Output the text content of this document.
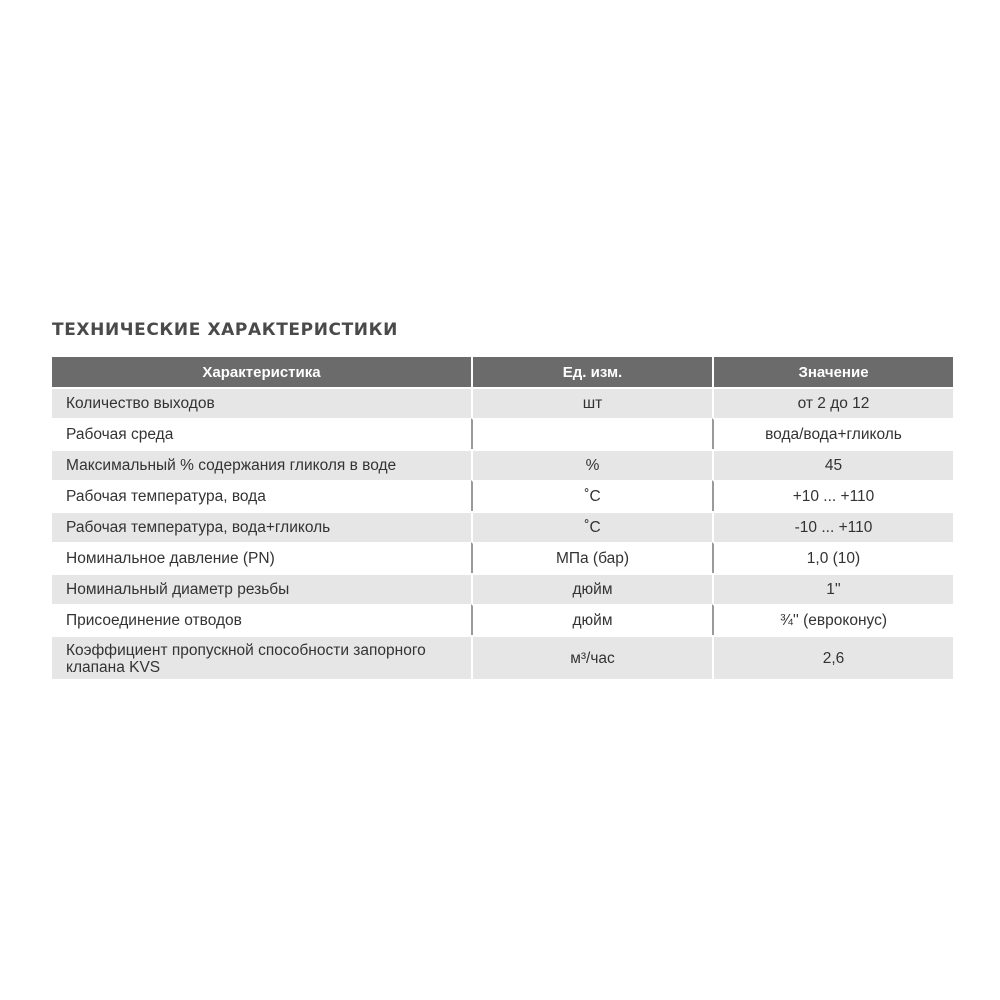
ТЕХНИЧЕСКИЕ ХАРАКТЕРИСТИКИ
Характеристика	Ед. изм.	Значение
Количество выходов	шт	от 2 до 12
Рабочая среда		вода/вода+гликоль
Максимальный % содержания гликоля в воде	%	45
Рабочая температура, вода	˚С	+10 ... +110
Рабочая температура, вода+гликоль	˚С	-10 ... +110
Номинальное давление (PN)	МПа (бар)	1,0 (10)
Номинальный диаметр резьбы	дюйм	1''
Присоединение отводов	дюйм	¾'' (евроконус)
Коэффициент пропускной способности запорного клапана KVS	м³/час	2,6
